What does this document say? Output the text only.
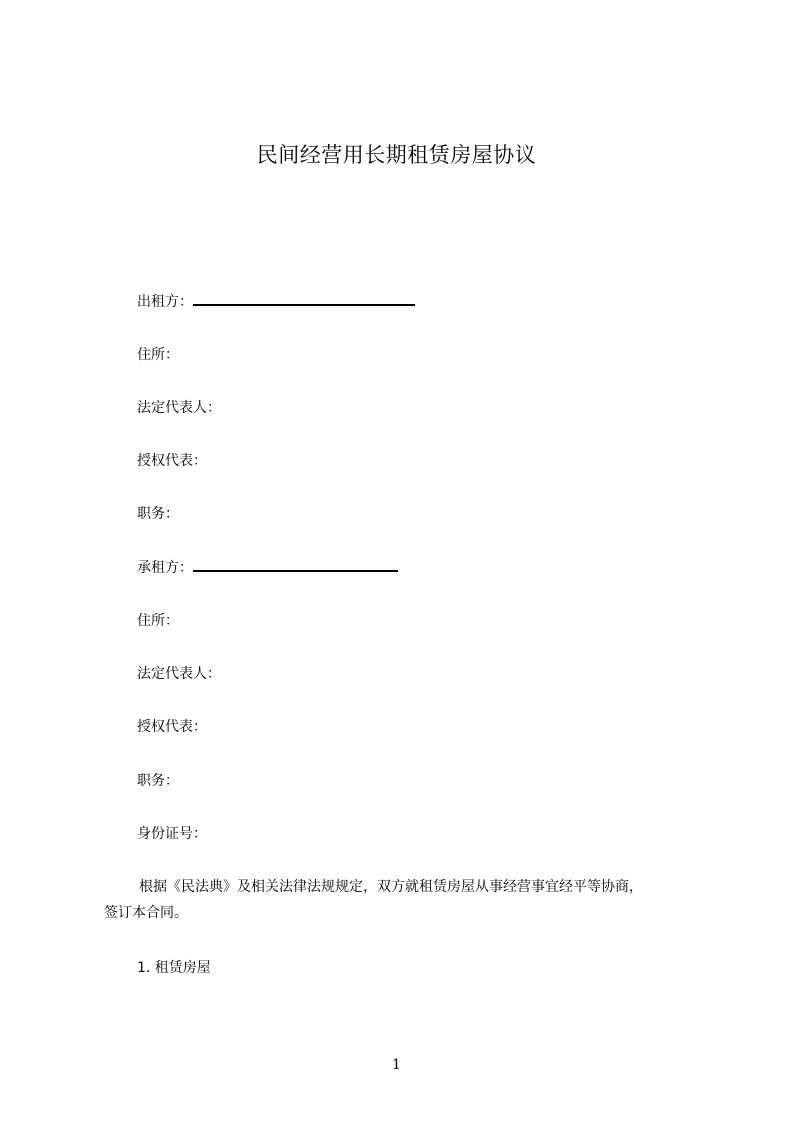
民间经营用长期租赁房屋协议
出租方：
住所：
法定代表人：
授权代表：
职务：
承租方：
住所：
法定代表人：
授权代表：
职务：
身份证号：
根据《民法典》及相关法律法规规定，双方就租赁房屋从事经营事宜经平等协商，
签订本合同。
1. 租赁房屋
1
